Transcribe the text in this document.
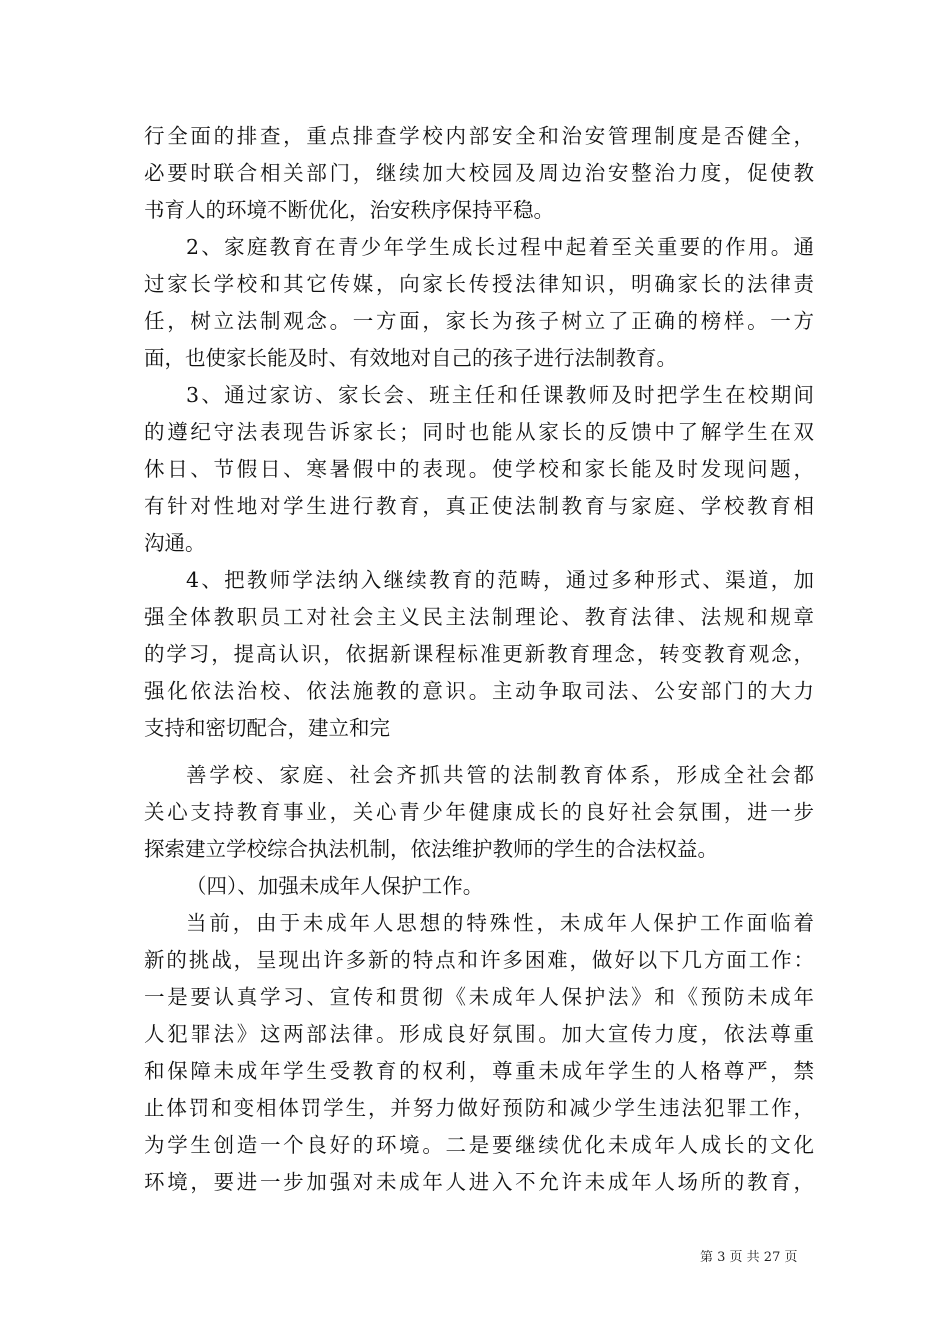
行全面的排查，重点排查学校内部安全和治安管理制度是否健全，
必要时联合相关部门，继续加大校园及周边治安整治力度，促使教
书育人的环境不断优化，治安秩序保持平稳。
2、家庭教育在青少年学生成长过程中起着至关重要的作用。通
过家长学校和其它传媒，向家长传授法律知识，明确家长的法律责
任，树立法制观念。一方面，家长为孩子树立了正确的榜样。一方
面，也使家长能及时、有效地对自己的孩子进行法制教育。
3、通过家访、家长会、班主任和任课教师及时把学生在校期间
的遵纪守法表现告诉家长；同时也能从家长的反馈中了解学生在双
休日、节假日、寒暑假中的表现。使学校和家长能及时发现问题，
有针对性地对学生进行教育，真正使法制教育与家庭、学校教育相
沟通。
4、把教师学法纳入继续教育的范畴，通过多种形式、渠道，加
强全体教职员工对社会主义民主法制理论、教育法律、法规和规章
的学习，提高认识，依据新课程标准更新教育理念，转变教育观念，
强化依法治校、依法施教的意识。主动争取司法、公安部门的大力
支持和密切配合，建立和完
善学校、家庭、社会齐抓共管的法制教育体系，形成全社会都
关心支持教育事业，关心青少年健康成长的良好社会氛围，进一步
探索建立学校综合执法机制，依法维护教师的学生的合法权益。
（四）、加强未成年人保护工作。
当前，由于未成年人思想的特殊性，未成年人保护工作面临着
新的挑战，呈现出许多新的特点和许多困难，做好以下几方面工作：
一是要认真学习、宣传和贯彻《未成年人保护法》和《预防未成年
人犯罪法》这两部法律。形成良好氛围。加大宣传力度，依法尊重
和保障未成年学生受教育的权利，尊重未成年学生的人格尊严，禁
止体罚和变相体罚学生，并努力做好预防和减少学生违法犯罪工作，
为学生创造一个良好的环境。二是要继续优化未成年人成长的文化
环境，要进一步加强对未成年人进入不允许未成年人场所的教育，
第 3 页 共 27 页
